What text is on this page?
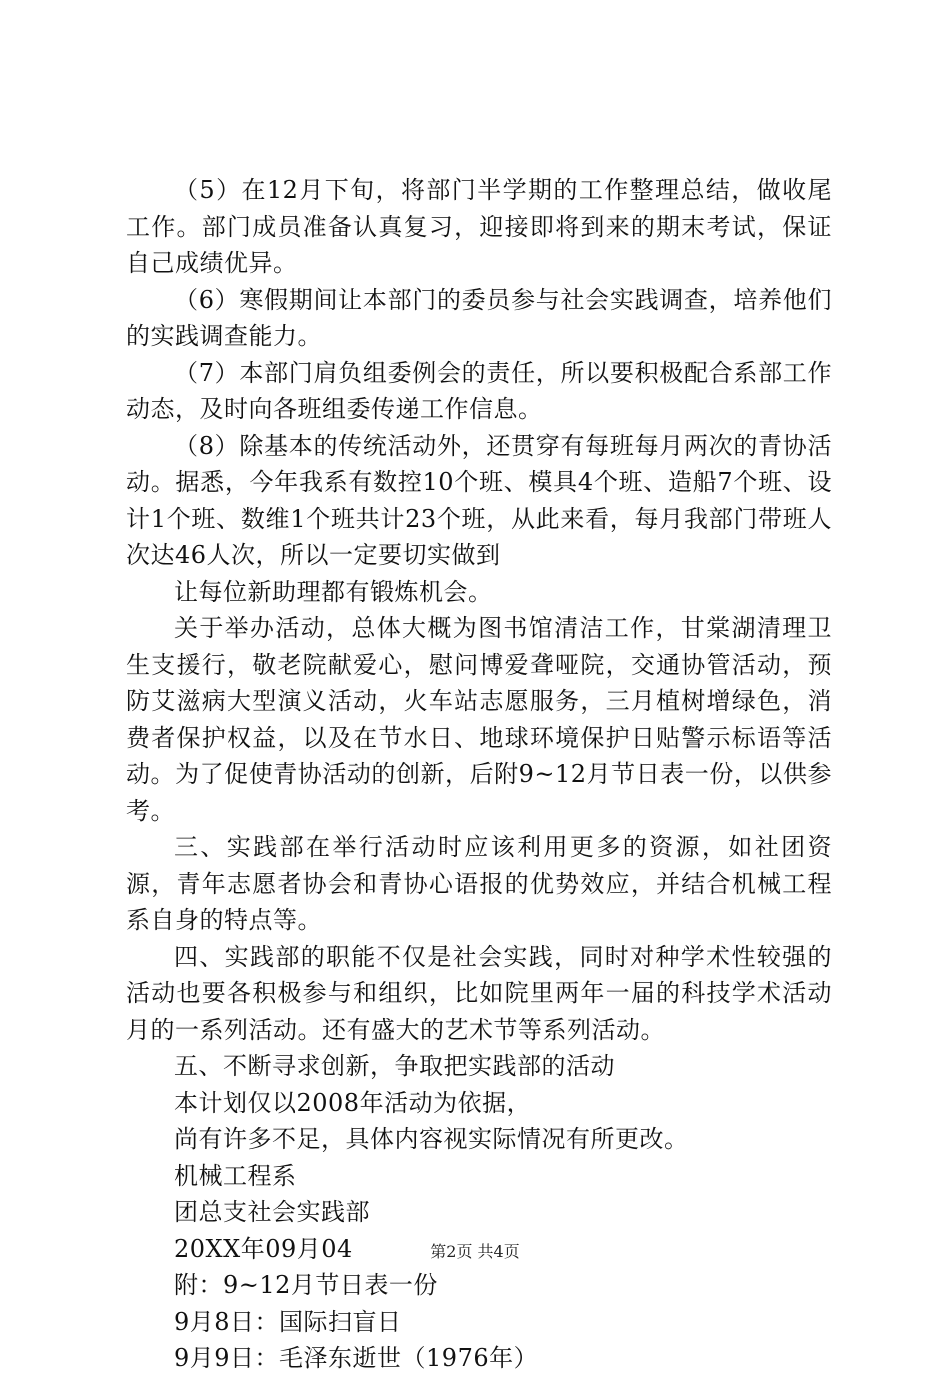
（5）在12月下旬，将部门半学期的工作整理总结，做收尾工作。部门成员准备认真复习，迎接即将到来的期末考试，保证自己成绩优异。

（6）寒假期间让本部门的委员参与社会实践调查，培养他们的实践调查能力。

（7）本部门肩负组委例会的责任，所以要积极配合系部工作动态，及时向各班组委传递工作信息。

（8）除基本的传统活动外，还贯穿有每班每月两次的青协活动。据悉，今年我系有数控10个班、模具4个班、造船7个班、设计1个班、数维1个班共计23个班，从此来看，每月我部门带班人次达46人次，所以一定要切实做到

让每位新助理都有锻炼机会。

关于举办活动，总体大概为图书馆清洁工作，甘棠湖清理卫生支援行，敬老院献爱心，慰问博爱聋哑院，交通协管活动，预防艾滋病大型演义活动，火车站志愿服务，三月植树增绿色，消费者保护权益，以及在节水日、地球环境保护日贴警示标语等活动。为了促使青协活动的创新，后附9~12月节日表一份，以供参考。

三、实践部在举行活动时应该利用更多的资源，如社团资源，青年志愿者协会和青协心语报的优势效应，并结合机械工程系自身的特点等。

四、实践部的职能不仅是社会实践，同时对种学术性较强的活动也要各积极参与和组织，比如院里两年一届的科技学术活动月的一系列活动。还有盛大的艺术节等系列活动。

五、不断寻求创新，争取把实践部的活动

本计划仅以2008年活动为依据，

尚有许多不足，具体内容视实际情况有所更改。

机械工程系

团总支社会实践部

20XX年09月04

附：9~12月节日表一份

9月8日：国际扫盲日

9月9日：毛泽东逝世（1976年）

第2页 共4页
